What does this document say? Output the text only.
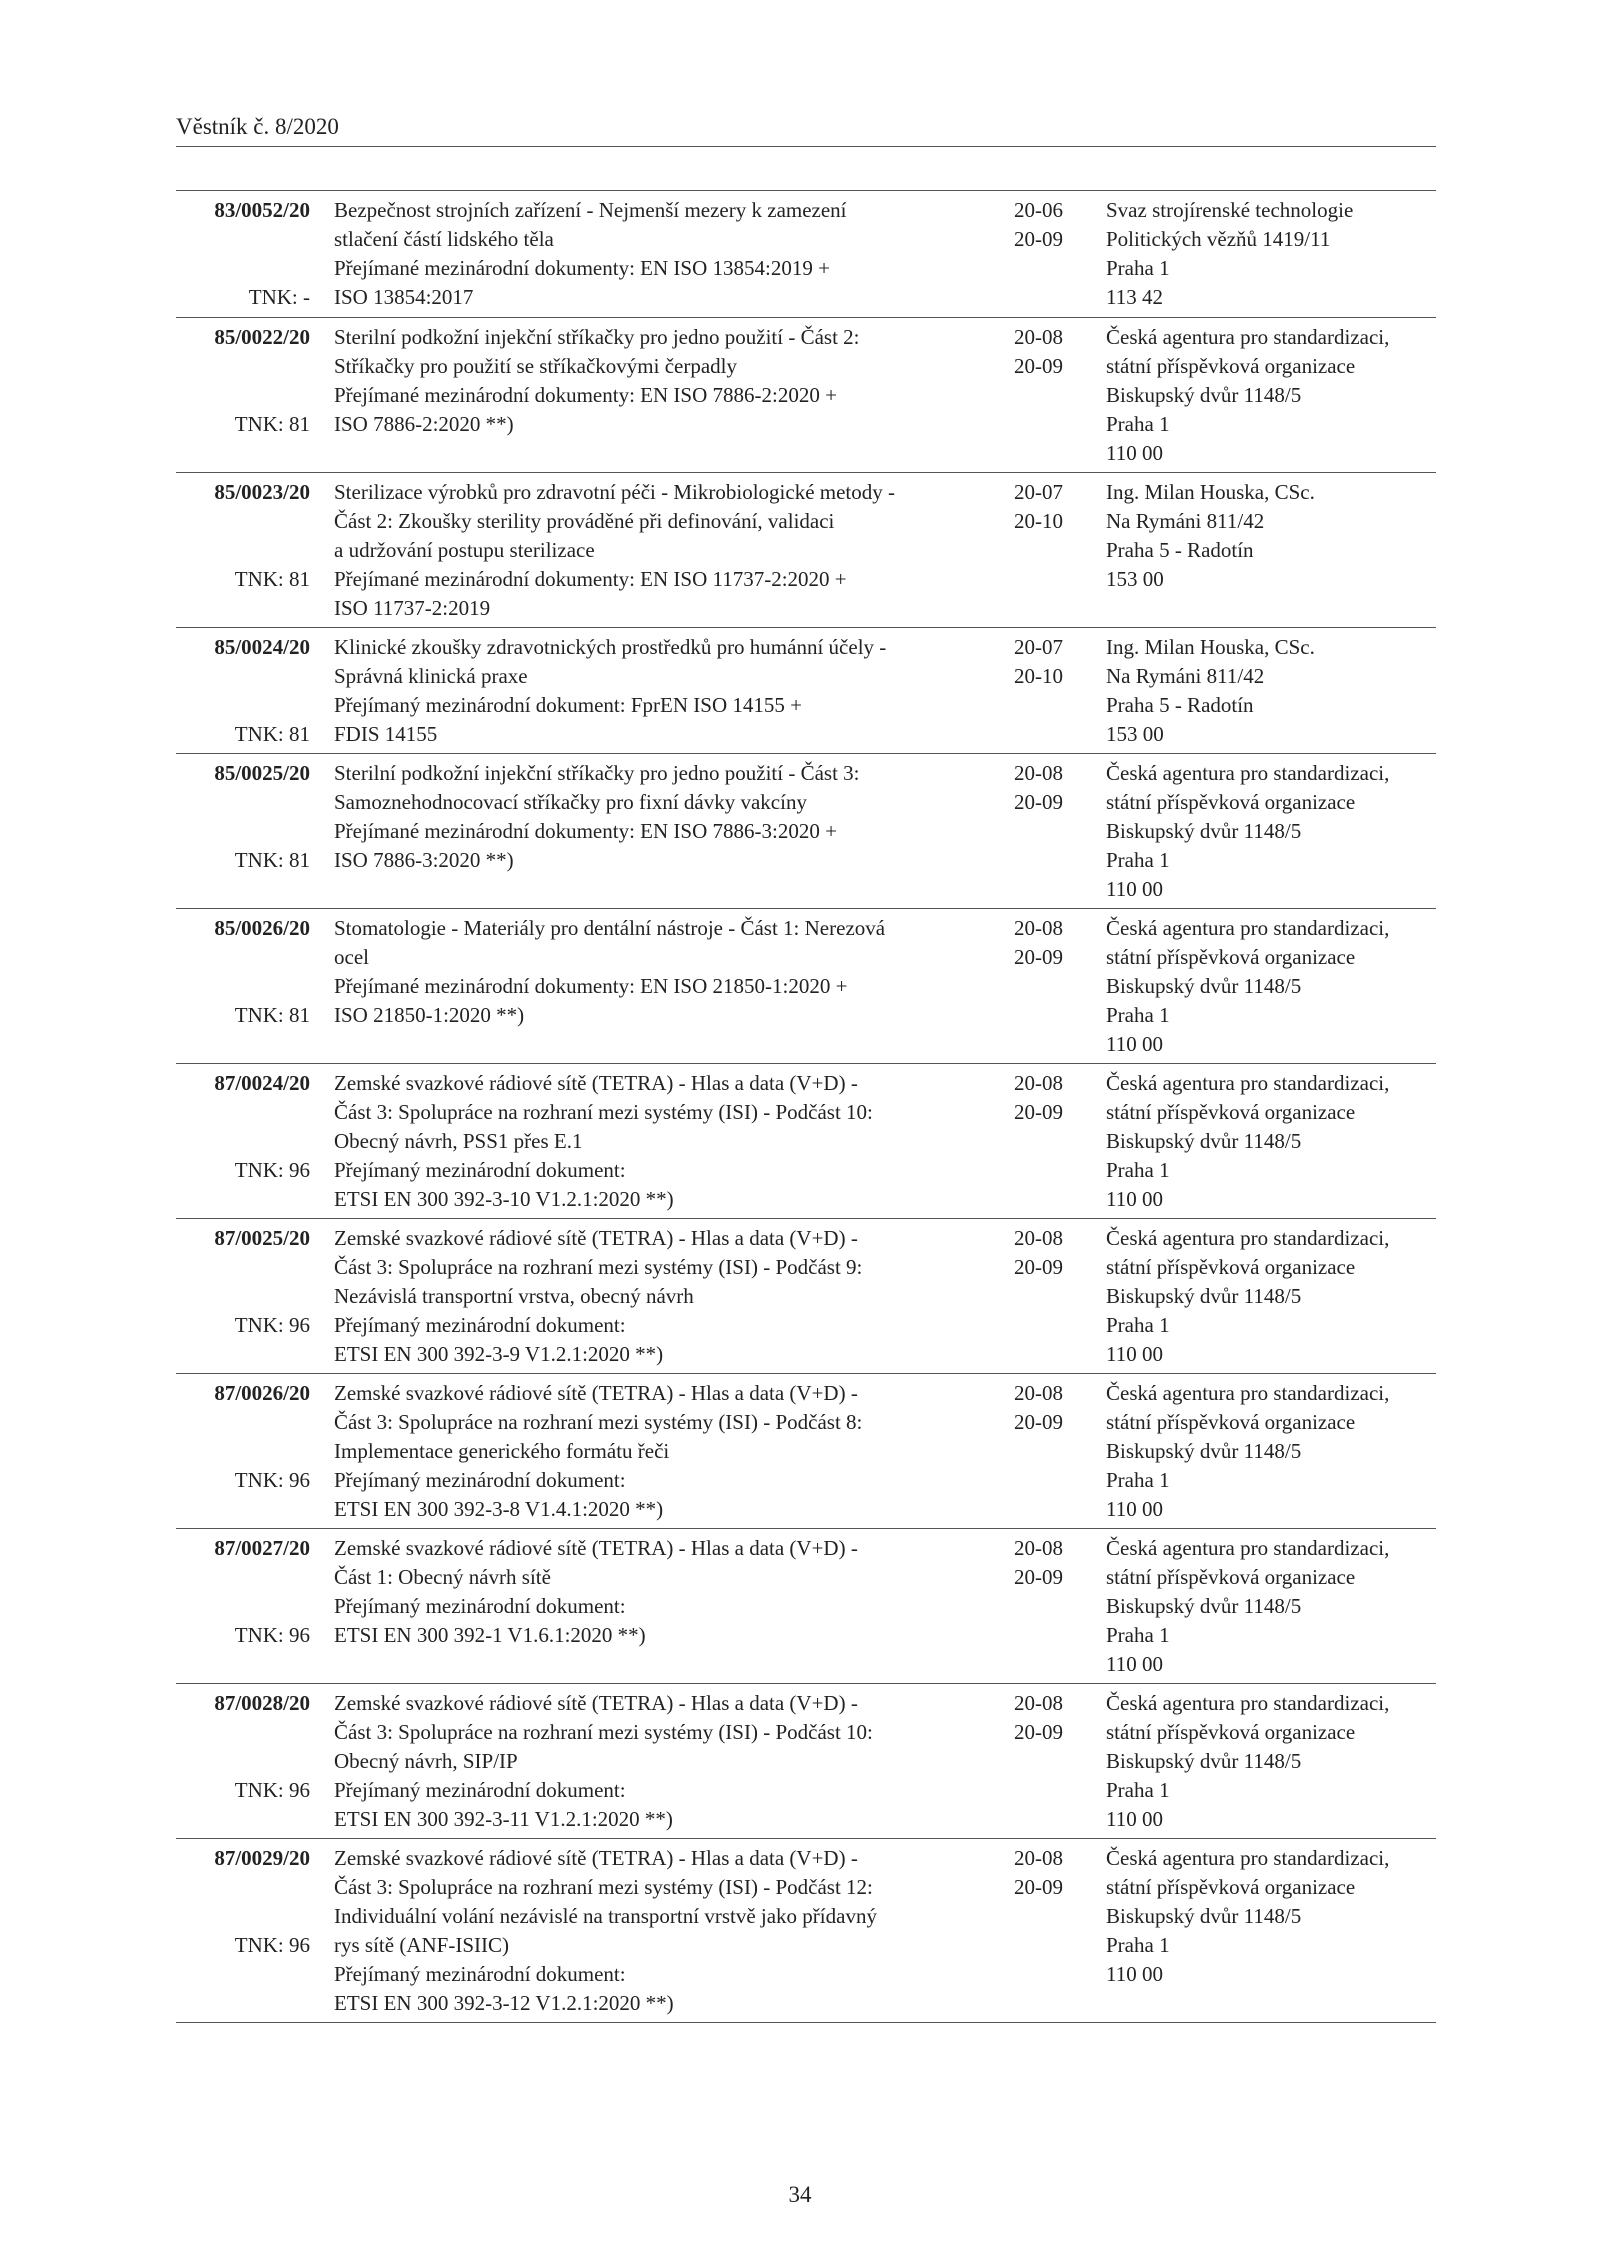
Věstník č. 8/2020
83/0052/20
TNK: -
Bezpečnost strojních zařízení - Nejmenší mezery k zamezení
stlačení částí lidského těla
Přejímané mezinárodní dokumenty: EN ISO 13854:2019 +
ISO 13854:2017
20-06
20-09
Svaz strojírenské technologie
Politických vězňů 1419/11
Praha 1
113 42
85/0022/20
TNK: 81
Sterilní podkožní injekční stříkačky pro jedno použití - Část 2:
Stříkačky pro použití se stříkačkovými čerpadly
Přejímané mezinárodní dokumenty: EN ISO 7886-2:2020 +
ISO 7886-2:2020 **)
20-08
20-09
Česká agentura pro standardizaci,
státní příspěvková organizace
Biskupský dvůr 1148/5
Praha 1
110 00
85/0023/20
TNK: 81
Sterilizace výrobků pro zdravotní péči - Mikrobiologické metody -
Část 2: Zkoušky sterility prováděné při definování, validaci
a udržování postupu sterilizace
Přejímané mezinárodní dokumenty: EN ISO 11737-2:2020 +
ISO 11737-2:2019
20-07
20-10
Ing. Milan Houska, CSc.
Na Rymáni 811/42
Praha 5 - Radotín
153 00
85/0024/20
TNK: 81
Klinické zkoušky zdravotnických prostředků pro humánní účely -
Správná klinická praxe
Přejímaný mezinárodní dokument: FprEN ISO 14155 +
FDIS 14155
20-07
20-10
Ing. Milan Houska, CSc.
Na Rymáni 811/42
Praha 5 - Radotín
153 00
85/0025/20
TNK: 81
Sterilní podkožní injekční stříkačky pro jedno použití - Část 3:
Samoznehodnocovací stříkačky pro fixní dávky vakcíny
Přejímané mezinárodní dokumenty: EN ISO 7886-3:2020 +
ISO 7886-3:2020 **)
20-08
20-09
Česká agentura pro standardizaci,
státní příspěvková organizace
Biskupský dvůr 1148/5
Praha 1
110 00
85/0026/20
TNK: 81
Stomatologie - Materiály pro dentální nástroje - Část 1: Nerezová
ocel
Přejímané mezinárodní dokumenty: EN ISO 21850-1:2020 +
ISO 21850-1:2020 **)
20-08
20-09
Česká agentura pro standardizaci,
státní příspěvková organizace
Biskupský dvůr 1148/5
Praha 1
110 00
87/0024/20
TNK: 96
Zemské svazkové rádiové sítě (TETRA) - Hlas a data (V+D) -
Část 3: Spolupráce na rozhraní mezi systémy (ISI) - Podčást 10:
Obecný návrh, PSS1 přes E.1
Přejímaný mezinárodní dokument:
ETSI EN 300 392-3-10 V1.2.1:2020 **)
20-08
20-09
Česká agentura pro standardizaci,
státní příspěvková organizace
Biskupský dvůr 1148/5
Praha 1
110 00
87/0025/20
TNK: 96
Zemské svazkové rádiové sítě (TETRA) - Hlas a data (V+D) -
Část 3: Spolupráce na rozhraní mezi systémy (ISI) - Podčást 9:
Nezávislá transportní vrstva, obecný návrh
Přejímaný mezinárodní dokument:
ETSI EN 300 392-3-9 V1.2.1:2020 **)
20-08
20-09
Česká agentura pro standardizaci,
státní příspěvková organizace
Biskupský dvůr 1148/5
Praha 1
110 00
87/0026/20
TNK: 96
Zemské svazkové rádiové sítě (TETRA) - Hlas a data (V+D) -
Část 3: Spolupráce na rozhraní mezi systémy (ISI) - Podčást 8:
Implementace generického formátu řeči
Přejímaný mezinárodní dokument:
ETSI EN 300 392-3-8 V1.4.1:2020 **)
20-08
20-09
Česká agentura pro standardizaci,
státní příspěvková organizace
Biskupský dvůr 1148/5
Praha 1
110 00
87/0027/20
TNK: 96
Zemské svazkové rádiové sítě (TETRA) - Hlas a data (V+D) -
Část 1: Obecný návrh sítě
Přejímaný mezinárodní dokument:
ETSI EN 300 392-1 V1.6.1:2020 **)
20-08
20-09
Česká agentura pro standardizaci,
státní příspěvková organizace
Biskupský dvůr 1148/5
Praha 1
110 00
87/0028/20
TNK: 96
Zemské svazkové rádiové sítě (TETRA) - Hlas a data (V+D) -
Část 3: Spolupráce na rozhraní mezi systémy (ISI) - Podčást 10:
Obecný návrh, SIP/IP
Přejímaný mezinárodní dokument:
ETSI EN 300 392-3-11 V1.2.1:2020 **)
20-08
20-09
Česká agentura pro standardizaci,
státní příspěvková organizace
Biskupský dvůr 1148/5
Praha 1
110 00
87/0029/20
TNK: 96
Zemské svazkové rádiové sítě (TETRA) - Hlas a data (V+D) -
Část 3: Spolupráce na rozhraní mezi systémy (ISI) - Podčást 12:
Individuální volání nezávislé na transportní vrstvě jako přídavný
rys sítě (ANF-ISIIC)
Přejímaný mezinárodní dokument:
ETSI EN 300 392-3-12 V1.2.1:2020 **)
20-08
20-09
Česká agentura pro standardizaci,
státní příspěvková organizace
Biskupský dvůr 1148/5
Praha 1
110 00
34
